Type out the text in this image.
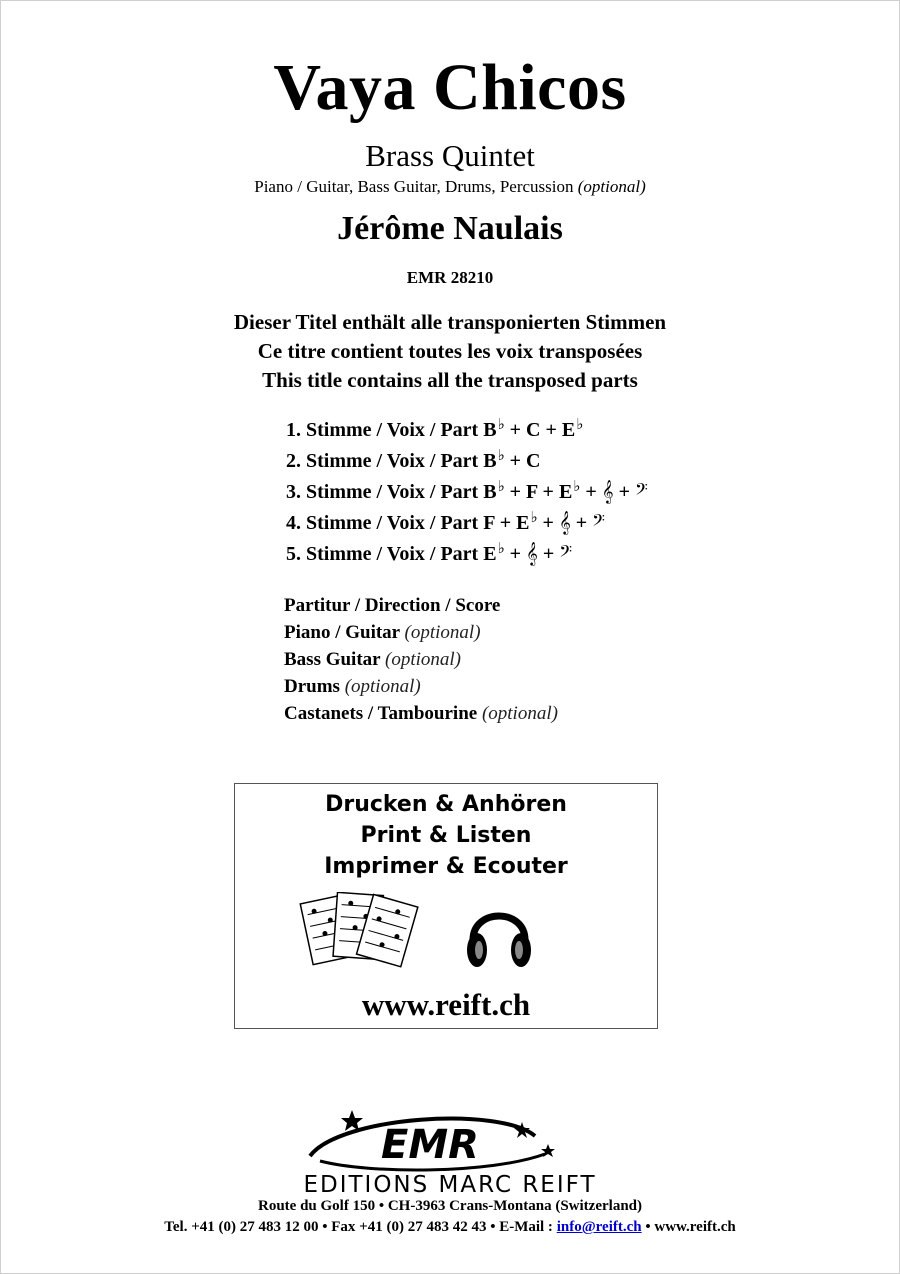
Vaya Chicos
Brass Quintet
Piano / Guitar, Bass Guitar, Drums, Percussion (optional)
Jérôme Naulais
EMR 28210
Dieser Titel enthält alle transponierten Stimmen
Ce titre contient toutes les voix transposées
This title contains all the transposed parts
1. Stimme / Voix / Part B♭ + C + E♭
2. Stimme / Voix / Part B♭ + C
3. Stimme / Voix / Part B♭ + F + E♭ + 𝄞 + 𝄢
4. Stimme / Voix / Part F + E♭ + 𝄞 + 𝄢
5. Stimme / Voix / Part E♭ + 𝄞 + 𝄢
Partitur / Direction / Score
Piano / Guitar (optional)
Bass Guitar (optional)
Drums (optional)
Castanets / Tambourine (optional)
Drucken & Anhören
Print & Listen
Imprimer & Ecouter
www.reift.ch
EMR
EDITIONS MARC REIFT
Route du Golf 150 • CH-3963 Crans-Montana (Switzerland)
Tel. +41 (0) 27 483 12 00 • Fax +41 (0) 27 483 42 43 • E-Mail : info@reift.ch • www.reift.ch
